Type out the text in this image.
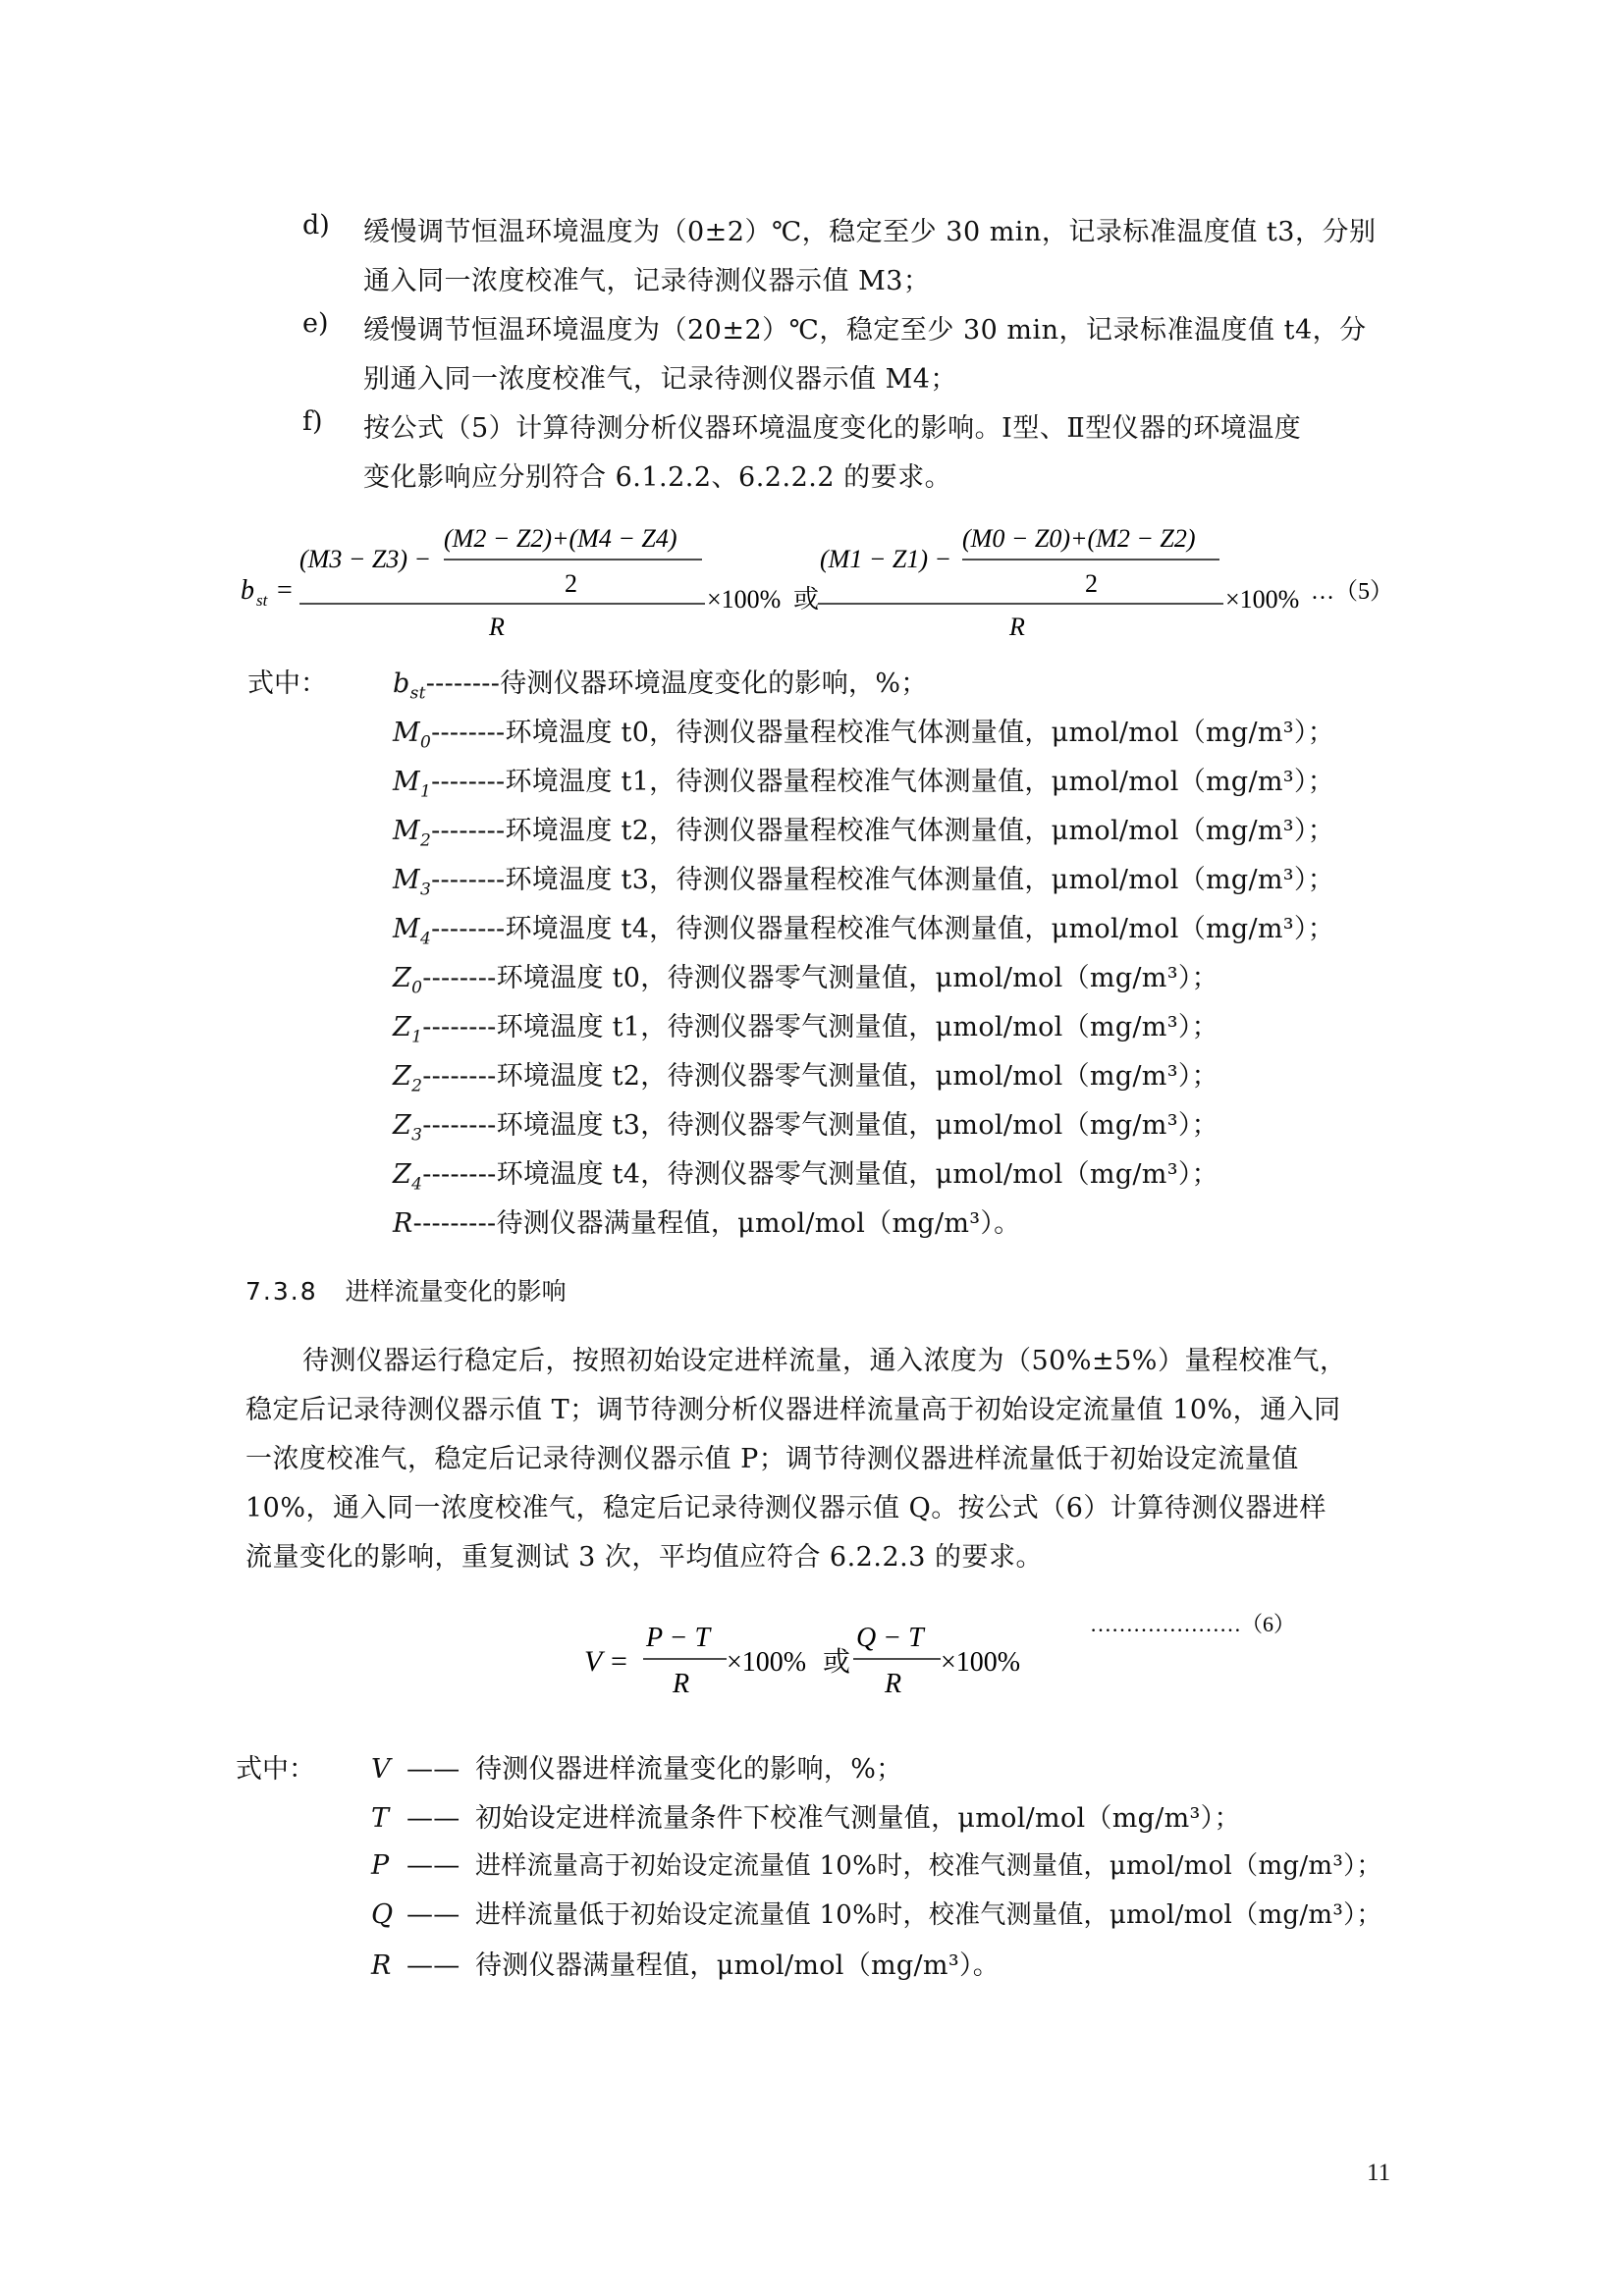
d)	缓慢调节恒温环境温度为（0±2）℃，稳定至少 30 min，记录标准温度值 t3，分别
通入同一浓度校准气，记录待测仪器示值 M3；
e)	缓慢调节恒温环境温度为（20±2）℃，稳定至少 30 min，记录标准温度值 t4，分
别通入同一浓度校准气，记录待测仪器示值 M4；
f)	按公式（5）计算待测分析仪器环境温度变化的影响。Ⅰ型、Ⅱ型仪器的环境温度
变化影响应分别符合 6.1.2.2、6.2.2.2 的要求。
b st =
(M3 − Z3) −
(M2 − Z2)+(M4 − Z4)
2
R
×100% 或
(M1 − Z1) −
(M0 − Z0)+(M2 − Z2)
2
R
×100% …（5）
式中： $b_{st}--------$待测仪器环境温度变化的影响，%；
$M_0--------$环境温度 t0，待测仪器量程校准气体测量值，μmol/mol（mg/m³）；
$M_1--------$环境温度 t1，待测仪器量程校准气体测量值，μmol/mol（mg/m³）；
$M_2--------$环境温度 t2，待测仪器量程校准气体测量值，μmol/mol（mg/m³）；
$M_3--------$环境温度 t3，待测仪器量程校准气体测量值，μmol/mol（mg/m³）；
$M_4--------$环境温度 t4，待测仪器量程校准气体测量值，μmol/mol（mg/m³）；
$Z_0--------$环境温度 t0，待测仪器零气测量值，μmol/mol（mg/m³）；
$Z_1--------$环境温度 t1，待测仪器零气测量值，μmol/mol（mg/m³）；
$Z_2--------$环境温度 t2，待测仪器零气测量值，μmol/mol（mg/m³）；
$Z_3--------$环境温度 t3，待测仪器零气测量值，μmol/mol（mg/m³）；
$Z_4--------$环境温度 t4，待测仪器零气测量值，μmol/mol（mg/m³）；
R---------待测仪器满量程值，μmol/mol（mg/m³）。
7.3.8 进样流量变化的影响
待测仪器运行稳定后，按照初始设定进样流量，通入浓度为（50%±5%）量程校准气，
稳定后记录待测仪器示值 T；调节待测分析仪器进样流量高于初始设定流量值 10%，通入同
一浓度校准气，稳定后记录待测仪器示值 P；调节待测仪器进样流量低于初始设定流量值
10%，通入同一浓度校准气，稳定后记录待测仪器示值 Q。按公式（6）计算待测仪器进样
流量变化的影响，重复测试 3 次，平均值应符合 6.2.2.3 的要求。
V =
P − T
R
×100% 或
Q − T
R
×100%
…………………（6）
式中： V —— 待测仪器进样流量变化的影响，%；
T —— 初始设定进样流量条件下校准气测量值，μmol/mol（mg/m³）；
P —— 进样流量高于初始设定流量值 10%时，校准气测量值，μmol/mol（mg/m³）；
Q —— 进样流量低于初始设定流量值 10%时，校准气测量值，μmol/mol（mg/m³）；
R —— 待测仪器满量程值，μmol/mol（mg/m³）。
11
